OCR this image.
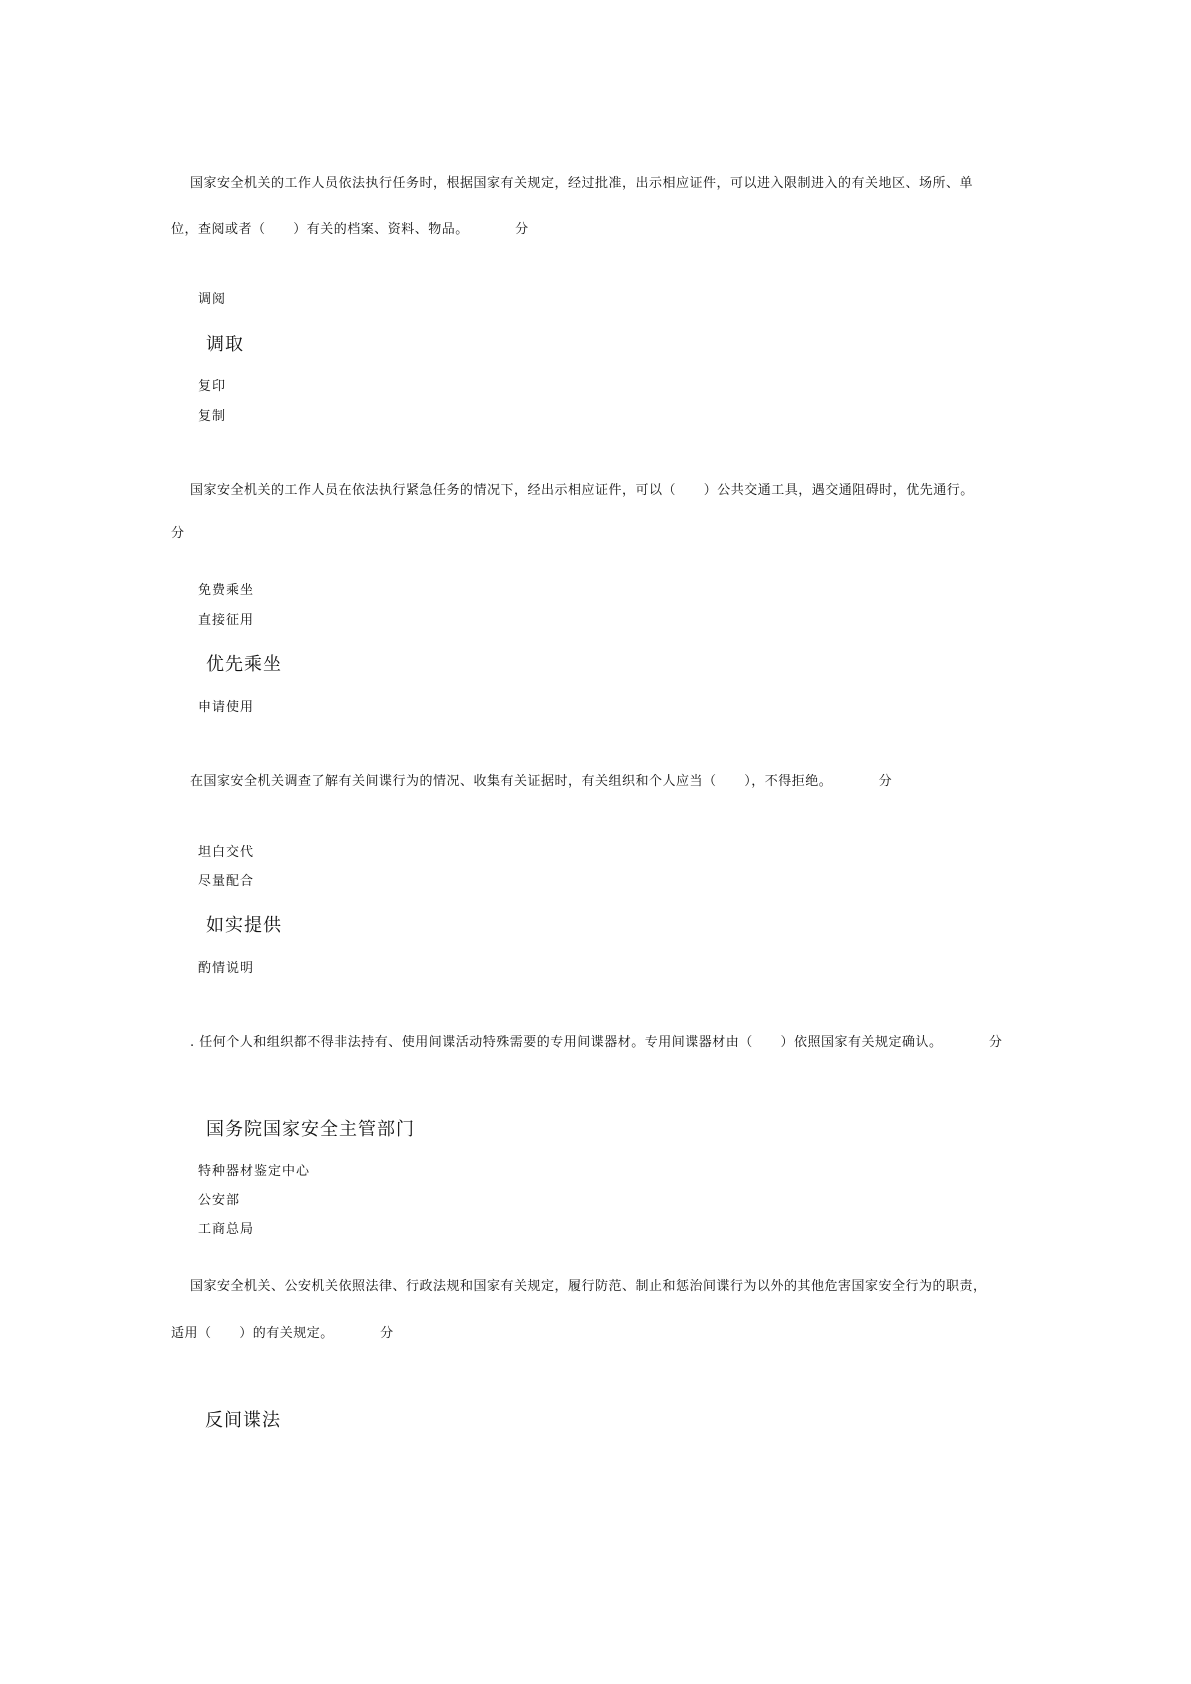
国家安全机关的工作人员依法执行任务时，根据国家有关规定，经过批准，出示相应证件，可以进入限制进入的有关地区、场所、单
位，查阅或者（      ）有关的档案、资料、物品。          分
调阅
调取
复印
复制
国家安全机关的工作人员在依法执行紧急任务的情况下，经出示相应证件，可以（      ）公共交通工具，遇交通阻碍时，优先通行。
分
免费乘坐
直接征用
优先乘坐
申请使用
在国家安全机关调查了解有关间谍行为的情况、收集有关证据时，有关组织和个人应当（      ），不得拒绝。          分
坦白交代
尽量配合
如实提供
酌情说明
. 任何个人和组织都不得非法持有、使用间谍活动特殊需要的专用间谍器材。专用间谍器材由（      ）依照国家有关规定确认。          分
国务院国家安全主管部门
特种器材鉴定中心
公安部
工商总局
国家安全机关、公安机关依照法律、行政法规和国家有关规定，履行防范、制止和惩治间谍行为以外的其他危害国家安全行为的职责，
适用（      ）的有关规定。          分
反间谍法
